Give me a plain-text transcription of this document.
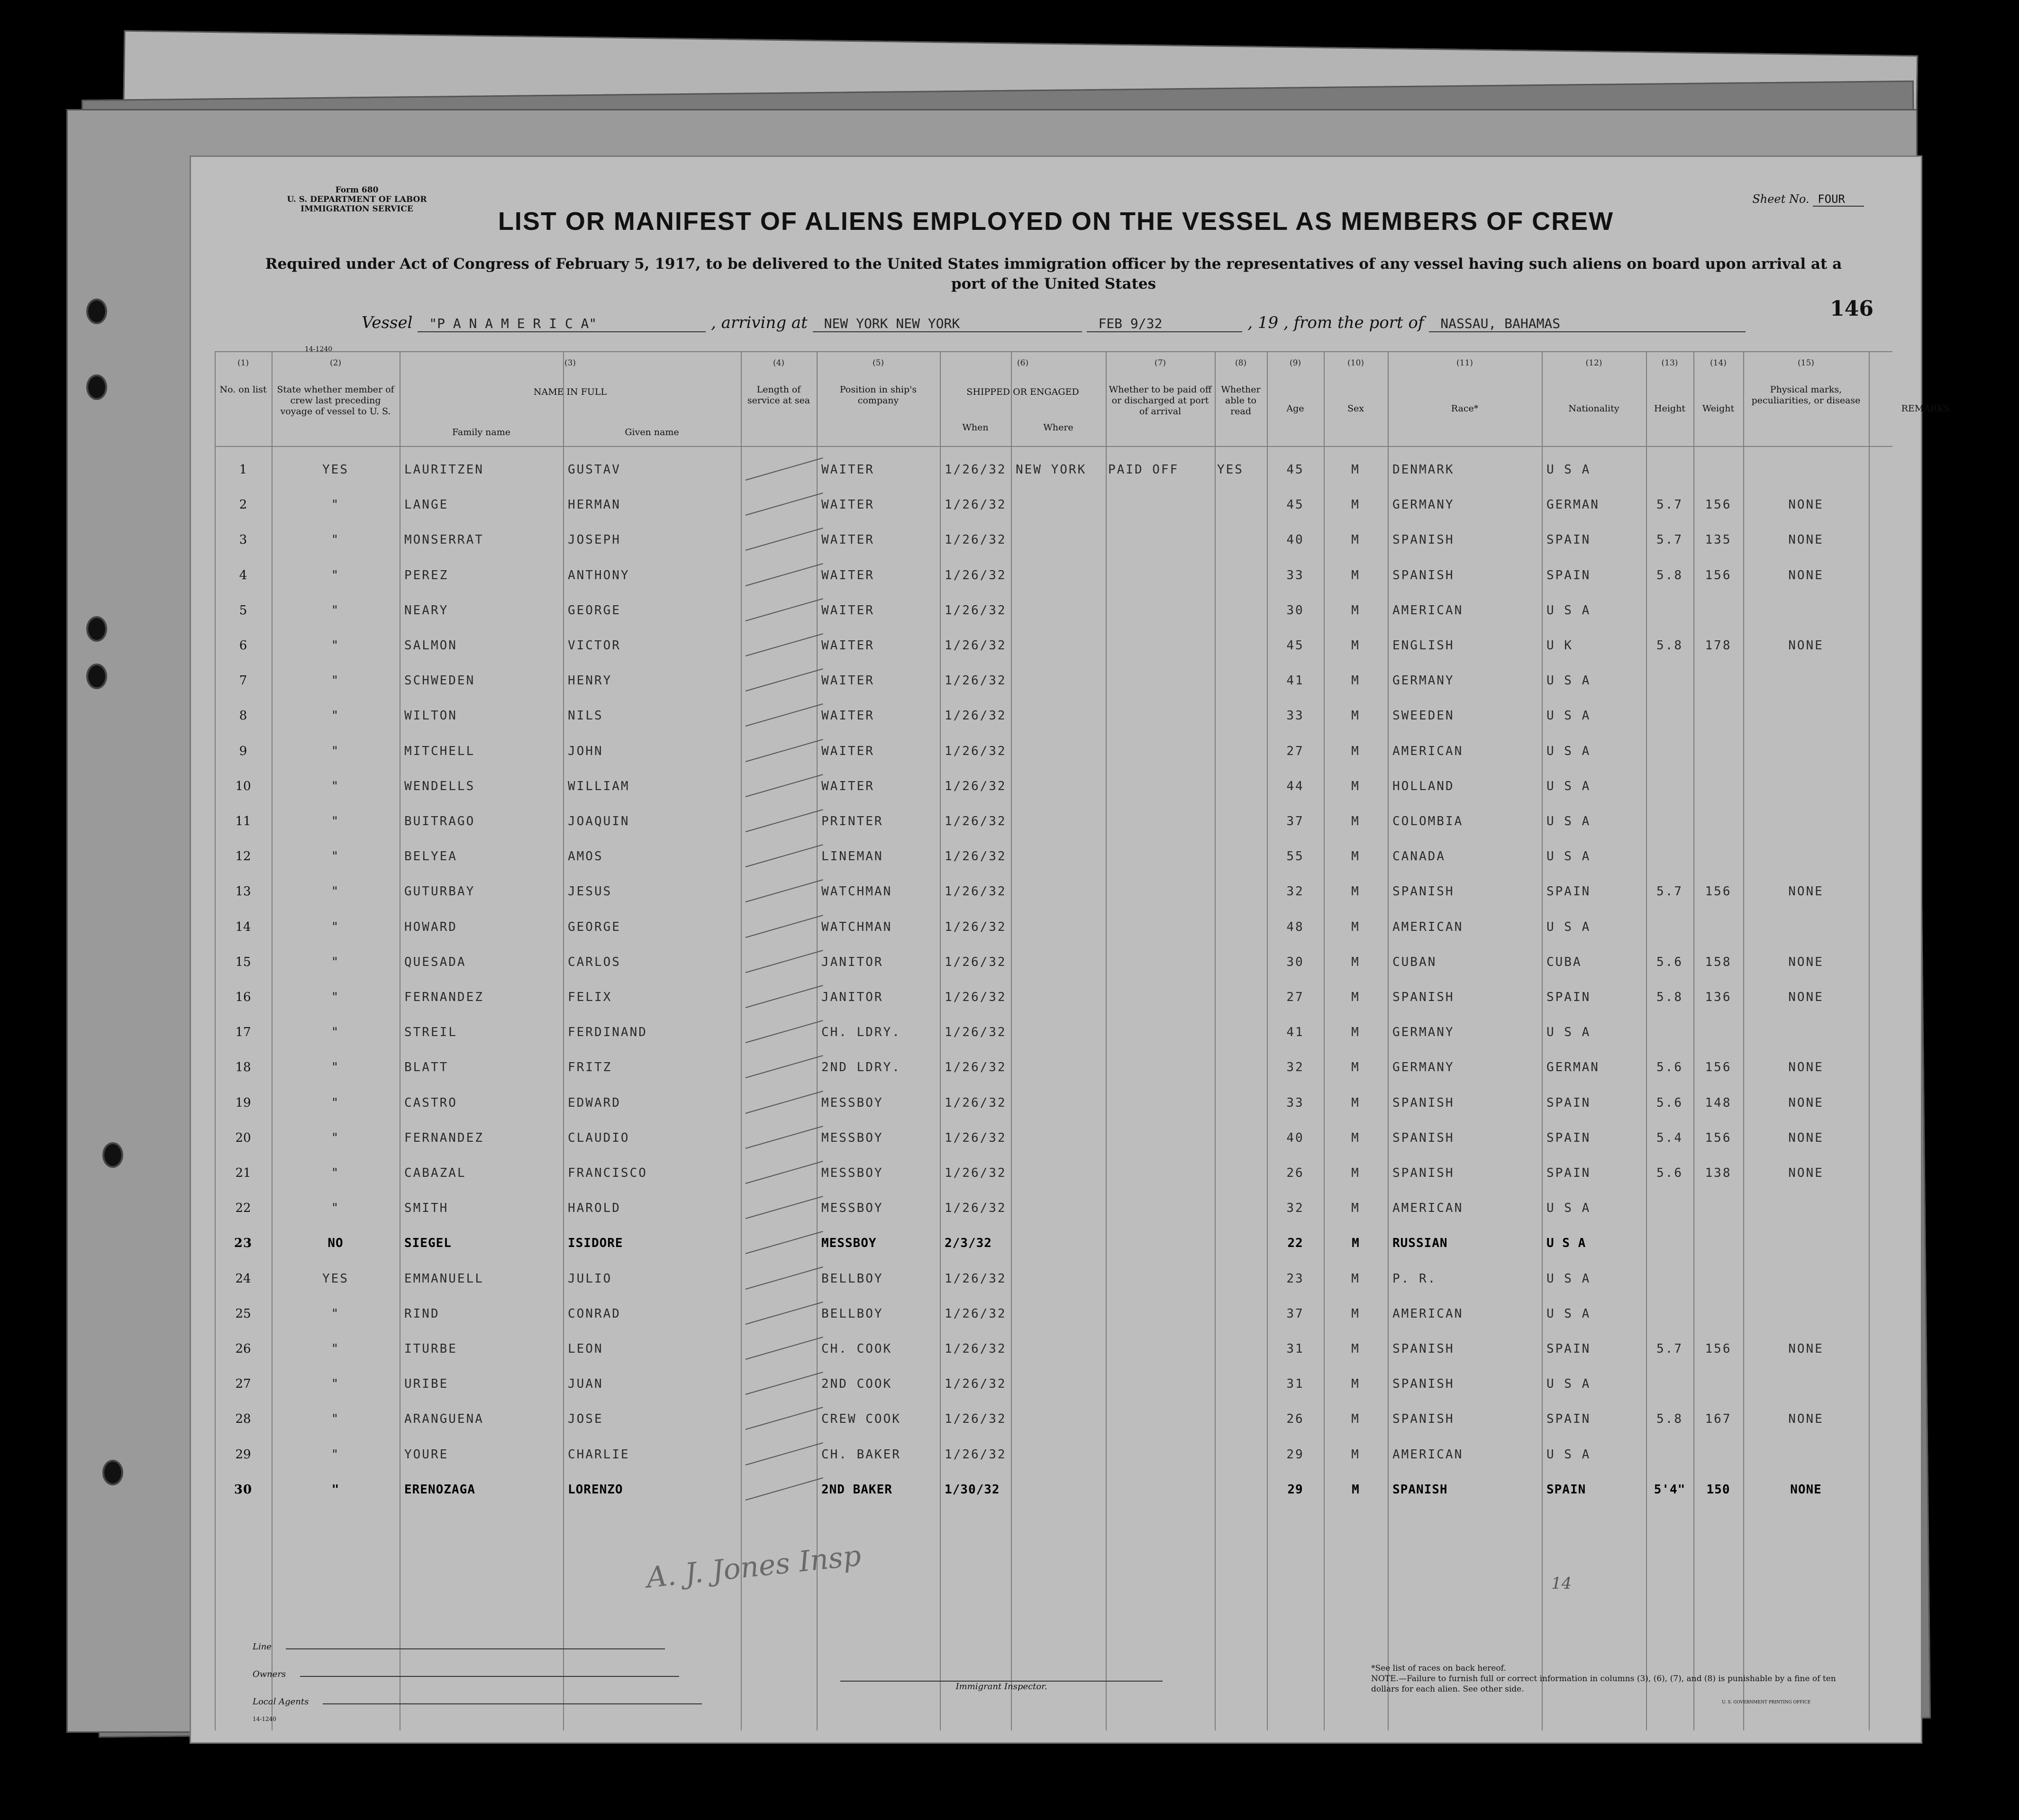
Form 680
U. S. DEPARTMENT OF LABOR
IMMIGRATION SERVICE
Sheet No. FOUR
LIST OR MANIFEST OF ALIENS EMPLOYED ON THE VESSEL AS MEMBERS OF CREW
Required under Act of Congress of February 5, 1917, to be delivered to the United States immigration officer by the representatives of any vessel having such aliens on board upon arrival at a port of the United States
Vessel "P A N A M E R I C A"	, arriving at NEW YORK NEW YORK	FEB 9/32	, 19 , from the port of NASSAU, BAHAMAS
146
14-1240
(1)
No. on list
(2)
State whether member of crew last preceding voyage of vessel to U. S.
(3)
NAME IN FULL
(4)
Length of service at sea
(5)
Position in ship's company
(6)
SHIPPED OR ENGAGED
(7)
Whether to be paid off or discharged at port of arrival
(8)
Whether able to read
(9)
Age
(10)
Sex
(11)
Race*
(12)
Nationality
(13)
Height
(14)
Weight
(15)
Physical marks, peculiarities, or disease
Family name	Given name	When	Where
REMARKS
1	YES	LAURITZEN	GUSTAV	WAITER	1/26/32 NEW YORK	PAID OFF	YES	45	M	DENMARK	U S A
2	"	LANGE	HERMAN	WAITER	1/26/32	45	M	GERMANY	GERMAN	5.7	156	NONE
3	"	MONSERRAT	JOSEPH	WAITER	1/26/32	40	M	SPANISH	SPAIN	5.7	135	NONE
4	"	PEREZ	ANTHONY	WAITER	1/26/32	33	M	SPANISH	SPAIN	5.8	156	NONE
5	"	NEARY	GEORGE	WAITER	1/26/32	30	M	AMERICAN	U S A
6	"	SALMON	VICTOR	WAITER	1/26/32	45	M	ENGLISH	U K	5.8	178	NONE
7	"	SCHWEDEN	HENRY	WAITER	1/26/32	41	M	GERMANY	U S A
8	"	WILTON	NILS	WAITER	1/26/32	33	M	SWEEDEN	U S A
9	"	MITCHELL	JOHN	WAITER	1/26/32	27	M	AMERICAN	U S A
10	"	WENDELLS	WILLIAM	WAITER	1/26/32	44	M	HOLLAND	U S A
11	"	BUITRAGO	JOAQUIN	PRINTER	1/26/32	37	M	COLOMBIA	U S A
12	"	BELYEA	AMOS	LINEMAN	1/26/32	55	M	CANADA	U S A
13	"	GUTURBAY	JESUS	WATCHMAN	1/26/32	32	M	SPANISH	SPAIN	5.7	156	NONE
14	"	HOWARD	GEORGE	WATCHMAN	1/26/32	48	M	AMERICAN	U S A
15	"	QUESADA	CARLOS	JANITOR	1/26/32	30	M	CUBAN	CUBA	5.6	158	NONE
16	"	FERNANDEZ	FELIX	JANITOR	1/26/32	27	M	SPANISH	SPAIN	5.8	136	NONE
17	"	STREIL	FERDINAND	CH. LDRY.	1/26/32	41	M	GERMANY	U S A
18	"	BLATT	FRITZ	2ND LDRY.	1/26/32	32	M	GERMANY	GERMAN	5.6	156	NONE
19	"	CASTRO	EDWARD	MESSBOY	1/26/32	33	M	SPANISH	SPAIN	5.6	148	NONE
20	"	FERNANDEZ	CLAUDIO	MESSBOY	1/26/32	40	M	SPANISH	SPAIN	5.4	156	NONE
21	"	CABAZAL	FRANCISCO	MESSBOY	1/26/32	26	M	SPANISH	SPAIN	5.6	138	NONE
22	"	SMITH	HAROLD	MESSBOY	1/26/32	32	M	AMERICAN	U S A
23	NO	SIEGEL	ISIDORE	MESSBOY	2/3/32	22	M	RUSSIAN	U S A
24	YES	EMMANUELL	JULIO	BELLBOY	1/26/32	23	M	P. R.	U S A
25	"	RIND	CONRAD	BELLBOY	1/26/32	37	M	AMERICAN	U S A
26	"	ITURBE	LEON	CH. COOK	1/26/32	31	M	SPANISH	SPAIN	5.7	156	NONE
27	"	URIBE	JUAN	2ND COOK	1/26/32	31	M	SPANISH	U S A
28	"	ARANGUENA	JOSE	CREW COOK	1/26/32	26	M	SPANISH	SPAIN	5.8	167	NONE
29	"	YOURE	CHARLIE	CH. BAKER	1/26/32	29	M	AMERICAN	U S A
30	"	ERENOZAGA	LORENZO	2ND BAKER	1/30/32	29	M	SPANISH	SPAIN	5'4"	150	NONE
A. J. Jones Insp	14
Line
Owners
Local Agents
14-1240
Immigrant Inspector.
*See list of races on back hereof.
NOTE.—Failure to furnish full or correct information in columns (3), (6), (7), and (8) is punishable by a fine of ten dollars for each alien. See other side.
U. S. GOVERNMENT PRINTING OFFICE
